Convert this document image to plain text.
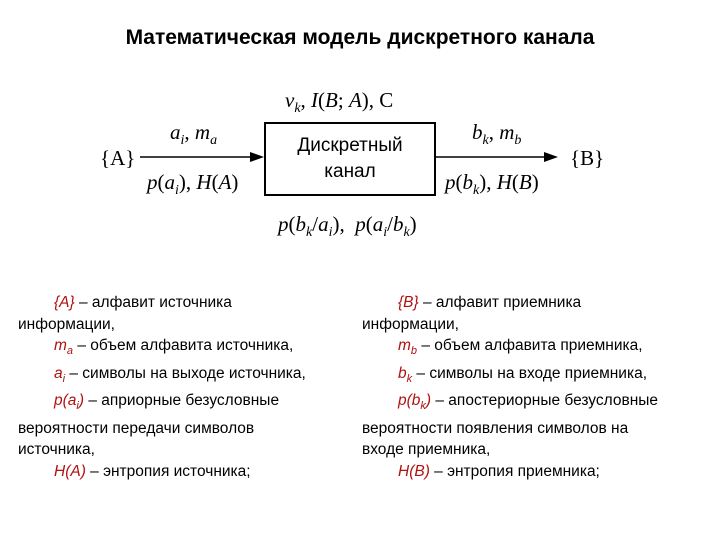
Математическая модель дискретного канала
$v_k$, I(B; A), C
{A}	{B}
$a_i$, $m_a$
$p(a_i)$, H(A)
$b_k$, $m_b$
$p(b_k)$, H(B)
Дискретный
канал
$p(b_k/a_i)$,  $p(a_i/b_k)$
{A} – алфавит источника
информации,
$m_a$ – объем алфавита источника,
$a_i$ – символы на выходе источника,
$p(a_i)$ – априорные безусловные
вероятности передачи символов
источника,
H(A) – энтропия источника;
{B} – алфавит приемника
информации,
$m_b$ – объем алфавита приемника,
$b_k$ – символы на входе приемника,
$p(b_k)$ – апостериорные безусловные
вероятности появления символов на
входе приемника,
H(B) – энтропия приемника;
